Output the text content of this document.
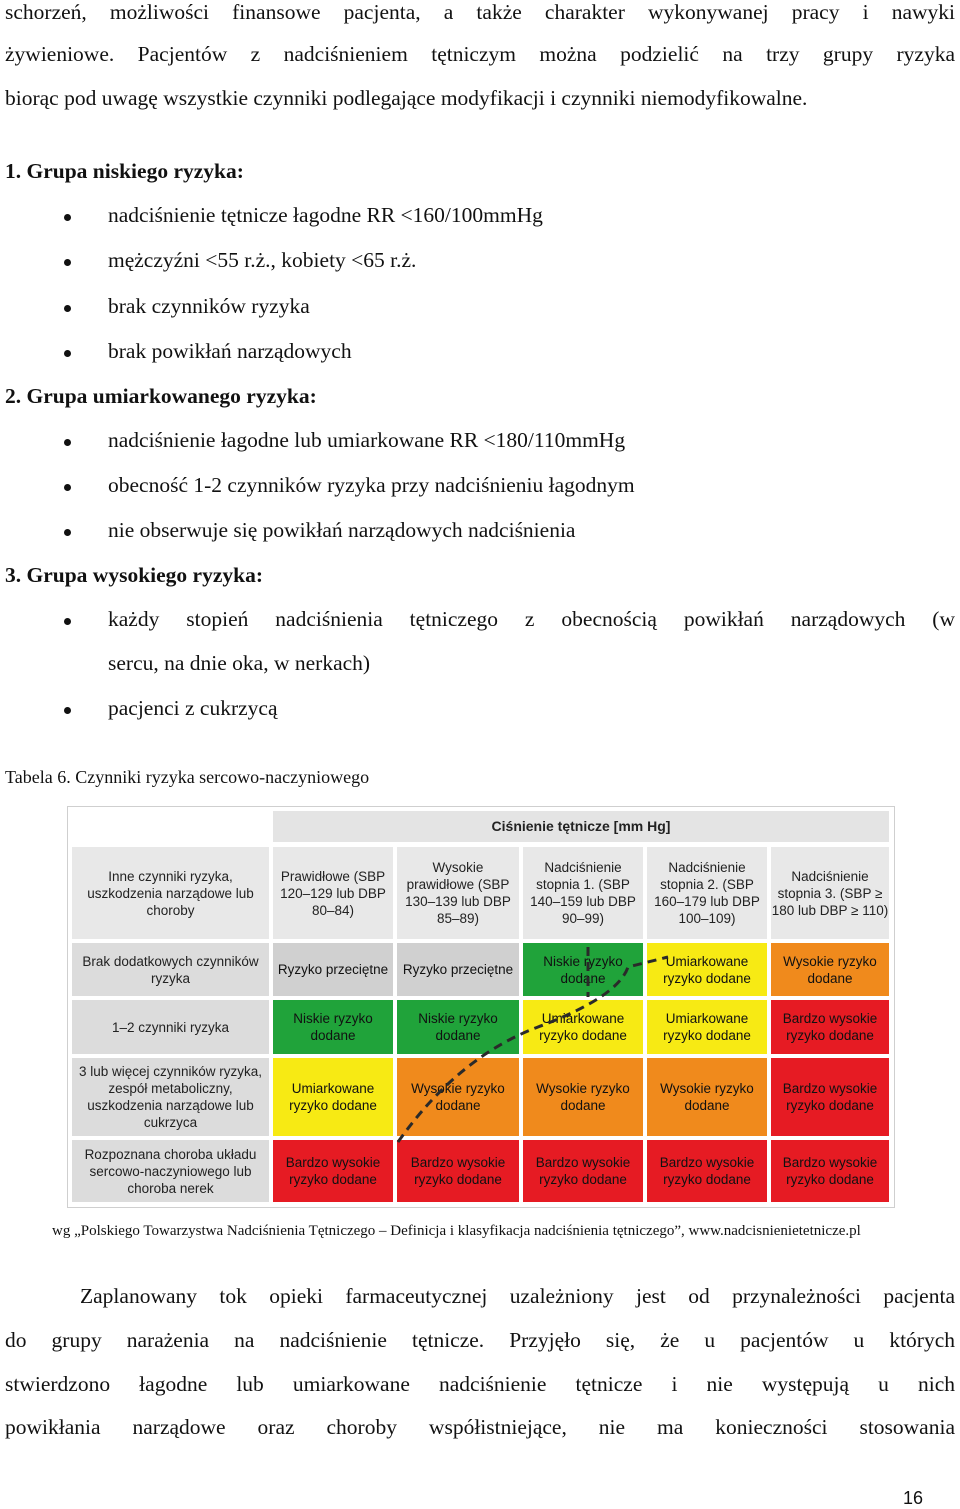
schorzeń, możliwości finansowe pacjenta, a także charakter wykonywanej pracy i nawyki
żywieniowe. Pacjentów z nadciśnieniem tętniczym można podzielić na trzy grupy ryzyka
biorąc pod uwagę wszystkie czynniki podlegające modyfikacji i czynniki niemodyfikowalne.
1. Grupa niskiego ryzyka:
nadciśnienie tętnicze łagodne RR <160/100mmHg
mężczyźni <55 r.ż., kobiety <65 r.ż.
brak czynników ryzyka
brak powikłań narządowych
2. Grupa umiarkowanego ryzyka:
nadciśnienie łagodne lub umiarkowane RR <180/110mmHg
obecność 1-2 czynników ryzyka przy nadciśnieniu łagodnym
nie obserwuje się powikłań narządowych nadciśnienia
3. Grupa wysokiego ryzyka:
każdy stopień nadciśnienia tętniczego z obecnością powikłań narządowych (w
sercu, na dnie oka, w nerkach)
pacjenci z cukrzycą
Tabela 6. Czynniki ryzyka sercowo-naczyniowego
Ciśnienie tętnicze [mm Hg]
Inne czynniki ryzyka, uszkodzenia narządowe lub choroby
Prawidłowe (SBP 120–129 lub DBP 80–84)
Wysokie prawidłowe (SBP 130–139 lub DBP 85–89)
Nadciśnienie stopnia 1. (SBP 140–159 lub DBP 90–99)
Nadciśnienie stopnia 2. (SBP 160–179 lub DBP 100–109)
Nadciśnienie stopnia 3. (SBP ≥ 180 lub DBP ≥ 110)
Brak dodatkowych czynników ryzyka
Ryzyko przeciętne	Ryzyko przeciętne
Niskie ryzyko dodane
Umiarkowane ryzyko dodane
Wysokie ryzyko dodane
1–2 czynniki ryzyka
Niskie ryzyko dodane
Niskie ryzyko dodane
Umiarkowane ryzyko dodane
Umiarkowane ryzyko dodane
Bardzo wysokie ryzyko dodane
3 lub więcej czynników ryzyka, zespół metaboliczny, uszkodzenia narządowe lub cukrzyca
Umiarkowane ryzyko dodane
Wysokie ryzyko dodane
Wysokie ryzyko dodane
Wysokie ryzyko dodane
Bardzo wysokie ryzyko dodane
Rozpoznana choroba układu sercowo-naczyniowego lub choroba nerek
Bardzo wysokie ryzyko dodane
Bardzo wysokie ryzyko dodane
Bardzo wysokie ryzyko dodane
Bardzo wysokie ryzyko dodane
Bardzo wysokie ryzyko dodane
wg „Polskiego Towarzystwa Nadciśnienia Tętniczego – Definicja i klasyfikacja nadciśnienia tętniczego”, www.nadcisnienietetnicze.pl
Zaplanowany tok opieki farmaceutycznej uzależniony jest od przynależności pacjenta
do grupy narażenia na nadciśnienie tętnicze. Przyjęło się, że u pacjentów u których
stwierdzono łagodne lub umiarkowane nadciśnienie tętnicze i nie występują u nich
powikłania narządowe oraz choroby współistniejące, nie ma konieczności stosowania
16
